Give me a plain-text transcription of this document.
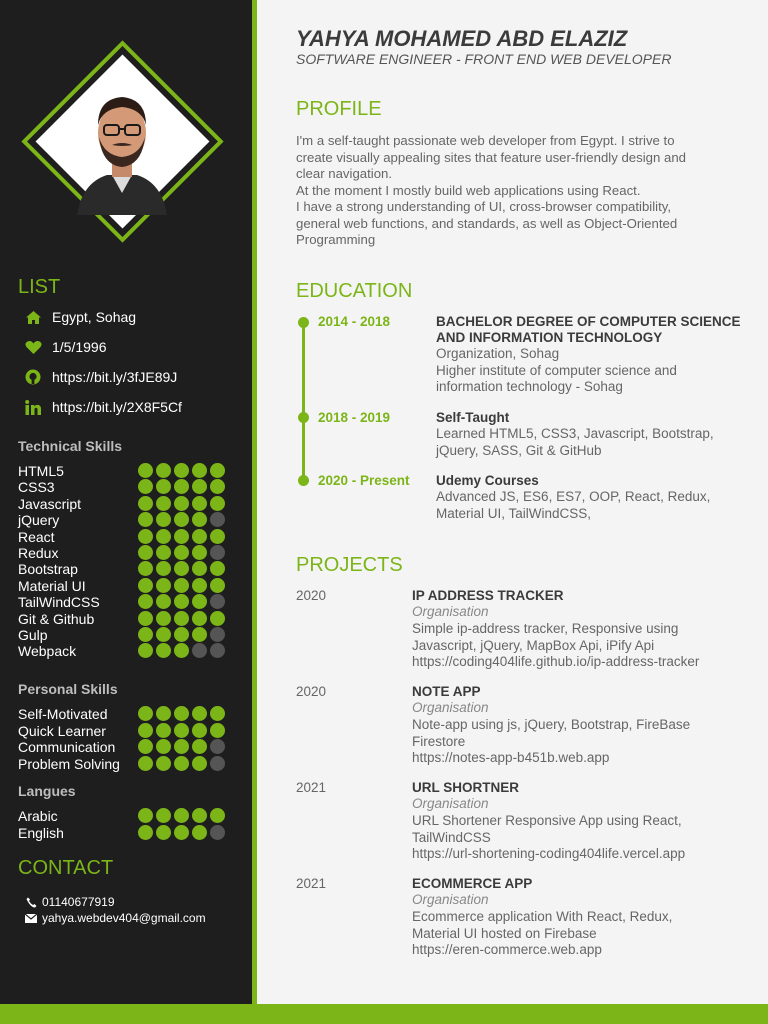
LIST
Egypt, Sohag
1/5/1996
https://bit.ly/3fJE89J
https://bit.ly/2X8F5Cf
Technical Skills
HTML5
CSS3
Javascript
jQuery
React
Redux
Bootstrap
Material UI
TailWindCSS
Git & Github
Gulp
Webpack
Personal Skills
Self-Motivated
Quick Learner
Communication
Problem Solving
Langues
Arabic
English
CONTACT
01140677919
yahya.webdev404@gmail.com
YAHYA MOHAMED ABD ELAZIZ
SOFTWARE ENGINEER - FRONT END WEB DEVELOPER
PROFILE
I'm a self-taught passionate web developer from Egypt. I strive to
create visually appealing sites that feature user-friendly design and
clear navigation.
At the moment I mostly build web applications using React.
I have a strong understanding of UI, cross-browser compatibility,
general web functions, and standards, as well as Object-Oriented
Programming
EDUCATION
2014 - 2018	BACHELOR DEGREE OF COMPUTER SCIENCE AND INFORMATION TECHNOLOGY
Organization, Sohag
Higher institute of computer science and
information technology - Sohag
2018 - 2019	Self-Taught
Learned HTML5, CSS3, Javascript, Bootstrap,
jQuery, SASS, Git & GitHub
2020 - Present Udemy Courses
Advanced JS, ES6, ES7, OOP, React, Redux,
Material UI, TailWindCSS,
PROJECTS
2020	IP ADDRESS TRACKER
Organisation
Simple ip-address tracker, Responsive using
Javascript, jQuery, MapBox Api, iPify Api
https://coding404life.github.io/ip-address-tracker
2020	NOTE APP
Organisation
Note-app using js, jQuery, Bootstrap, FireBase
Firestore
https://notes-app-b451b.web.app
2021	URL SHORTNER
Organisation
URL Shortener Responsive App using React,
TailWindCSS
https://url-shortening-coding404life.vercel.app
2021	ECOMMERCE APP
Organisation
Ecommerce application With React, Redux,
Material UI hosted on Firebase
https://eren-commerce.web.app
